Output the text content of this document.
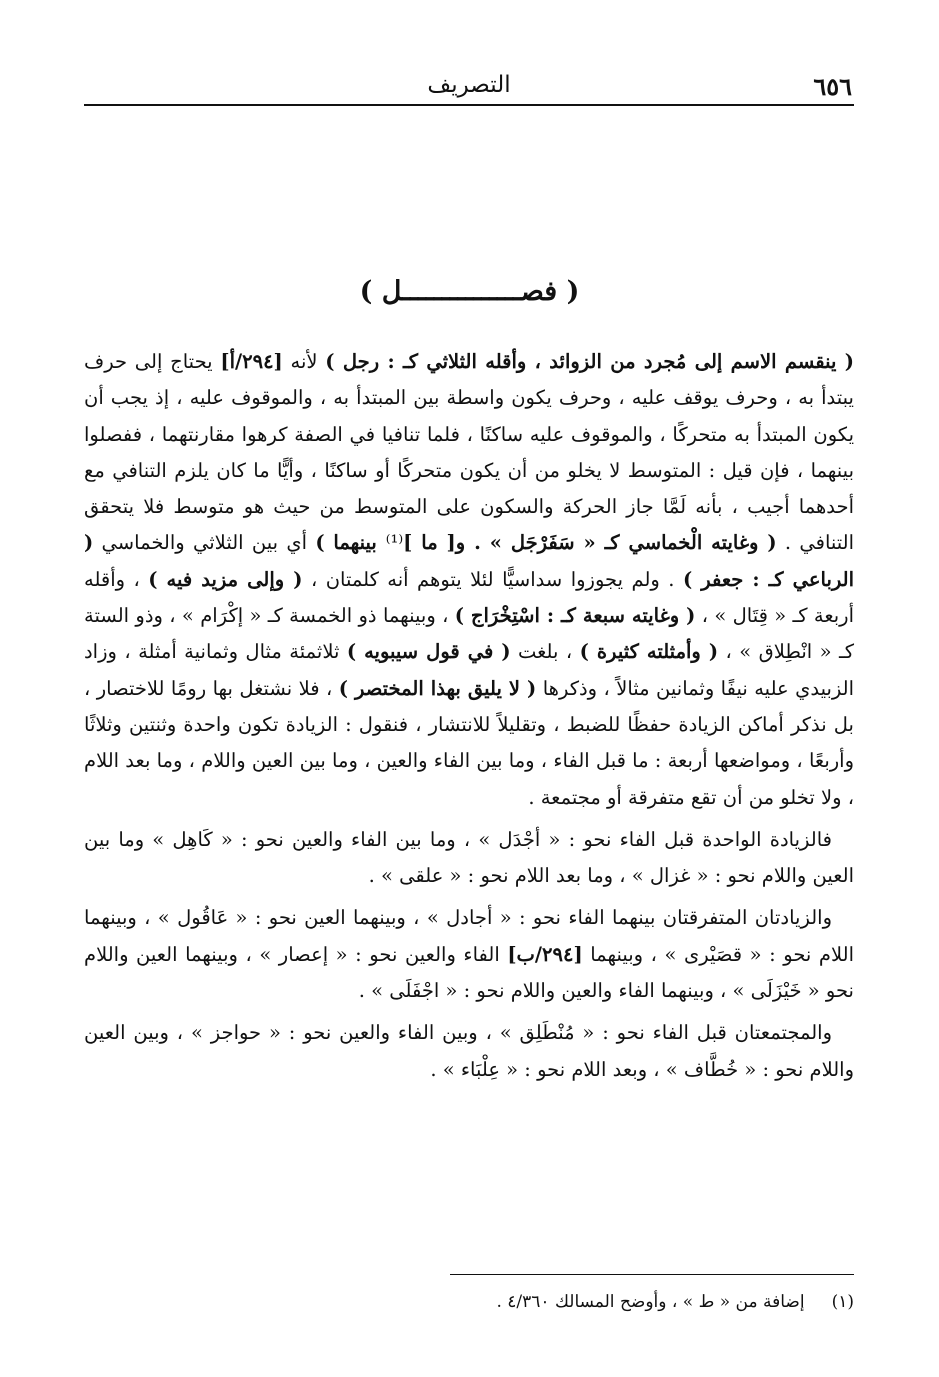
٦٥٦
التصريف
( فصـــــــــــــــل )

( ينقسم الاسم إلى مُجرد من الزوائد ، وأقله الثلاثي كـ : رجل ) لأنه [٢٩٤/أ] يحتاج إلى حرف يبتدأ به ، وحرف يوقف عليه ، وحرف يكون واسطة بين المبتدأ به ، والموقوف عليه ، إذ يجب أن يكون المبتدأ به متحركًا ، والموقوف عليه ساكنًا ، فلما تنافيا في الصفة كرهوا مقارنتهما ، ففصلوا بينهما ، فإن قيل : المتوسط لا يخلو من أن يكون متحركًا أو ساكنًا ، وأيًّا ما كان يلزم التنافي مع أحدهما أجيب ، بأنه لَمَّا جاز الحركة والسكون على المتوسط من حيث هو متوسط فلا يتحقق التنافي . ( وغايته الْخماسي كـ « سَفَرْجَل » . و[ ما ]⁽¹⁾ بينهما ) أي بين الثلاثي والخماسي ( الرباعي كـ : جعفر ) . ولم يجوزوا سداسيًّا لئلا يتوهم أنه كلمتان ، ( وإلى مزيد فيه ) ، وأقله أربعة كـ « قِتَال » ، ( وغايته سبعة كـ : اسْتِخْرَاج ) ، وبينهما ذو الخمسة كـ « إكْرَام » ، وذو الستة كـ « انْطِلاق » ، ( وأمثلته كثيرة ) ، بلغت ( في قول سيبويه ) ثلاثمئة مثال وثمانية أمثلة ، وزاد الزبيدي عليه نيفًا وثمانين مثالاً ، وذكرها ( لا يليق بهذا المختصر ) ، فلا نشتغل بها رومًا للاختصار ، بل نذكر أماكن الزيادة حفظًا للضبط ، وتقليلاً للانتشار ، فنقول : الزيادة تكون واحدة وثنتين وثلاثًا وأربعًا ، ومواضعها أربعة : ما قبل الفاء ، وما بين الفاء والعين ، وما بين العين واللام ، وما بعد اللام ، ولا تخلو من أن تقع متفرقة أو مجتمعة .

فالزيادة الواحدة قبل الفاء نحو : « أجْدَل » ، وما بين الفاء والعين نحو : « كَاهِل » وما بين العين واللام نحو : « غزال » ، وما بعد اللام نحو : « علقى » .

والزيادتان المتفرقتان بينهما الفاء نحو : « أجادل » ، وبينهما العين نحو : « عَاقُول » ، وبينهما اللام نحو : « قصَيْرى » ، وبينهما [٢٩٤/ب] الفاء والعين نحو : « إعصار » ، وبينهما العين واللام نحو « خَيْزَلَى » ، وبينهما الفاء والعين واللام نحو : « اجْفَلَى » .

والمجتمعتان قبل الفاء نحو : « مُنْطَلِق » ، وبين الفاء والعين نحو : « حواجز » ، وبين العين واللام نحو : « خُطَّاف » ، وبعد اللام نحو : « عِلْبَاء » .

(١)     إضافة من « ط » ، وأوضح المسالك ٤/٣٦٠ .
